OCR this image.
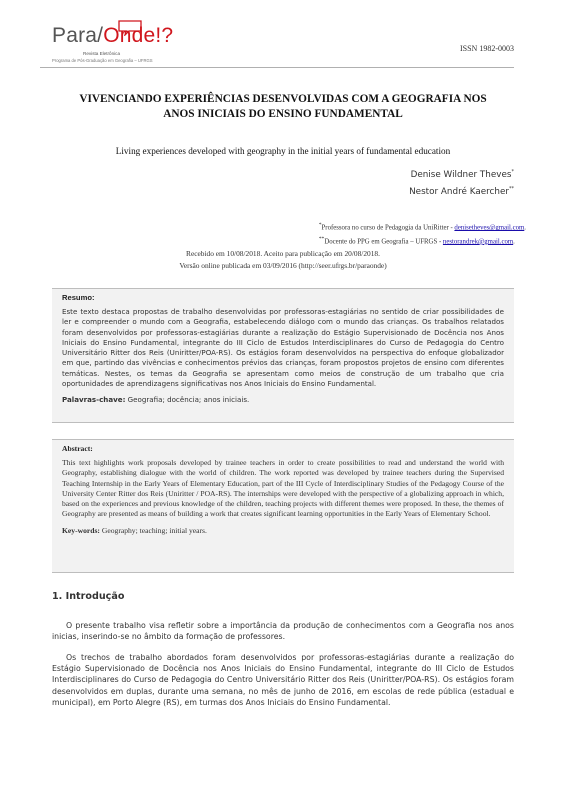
Para/Onde!?
Revista Eletrônica
Programa de Pós-Graduação em Geografia – UFRGS
ISSN 1982-0003
VIVENCIANDO EXPERIÊNCIAS DESENVOLVIDAS COM A GEOGRAFIA NOS
ANOS INICIAIS DO ENSINO FUNDAMENTAL
Living experiences developed with geography in the initial years of fundamental education
Denise Wildner Theves*
Nestor André Kaercher**
*Professora no curso de Pedagogia da UniRitter - denisetheves@gmail.com.
**Docente do PPG em Geografia – UFRGS - nestorandrek@gmail.com.
Recebido em 10/08/2018. Aceito para publicação em 20/08/2018.
Versão online publicada em 03/09/2016 (http://seer.ufrgs.br/paraonde)
Resumo:

Este texto destaca propostas de trabalho desenvolvidas por professoras-estagiárias no sentido de criar possibilidades de ler e compreender o mundo com a Geografia, estabelecendo diálogo com o mundo das crianças. Os trabalhos relatados foram desenvolvidos por professoras-estagiárias durante a realização do Estágio Supervisionado de Docência nos Anos Iniciais do Ensino Fundamental, integrante do III Ciclo de Estudos Interdisciplinares do Curso de Pedagogia do Centro Universitário Ritter dos Reis (Uniritter/POA-RS). Os estágios foram desenvolvidos na perspectiva do enfoque globalizador em que, partindo das vivências e conhecimentos prévios das crianças, foram propostos projetos de ensino com diferentes temáticas. Nestes, os temas da Geografia se apresentam como meios de construção de um trabalho que cria oportunidades de aprendizagens significativas nos Anos Iniciais do Ensino Fundamental.

Palavras-chave: Geografia; docência; anos iniciais.
Abstract:

This text highlights work proposals developed by trainee teachers in order to create possibilities to read and understand the world with Geography, establishing dialogue with the world of children. The work reported was developed by trainee teachers during the Supervised Teaching Internship in the Early Years of Elementary Education, part of the III Cycle of Interdisciplinary Studies of the Pedagogy Course of the University Center Ritter dos Reis (Uniritter / POA-RS). The internships were developed with the perspective of a globalizing approach in which, based on the experiences and previous knowledge of the children, teaching projects with different themes were proposed. In these, the themes of Geography are presented as means of building a work that creates significant learning opportunities in the Early Years of Elementary School.

Key-words: Geography; teaching; initial years.
1. Introdução

O presente trabalho visa refletir sobre a importância da produção de conhecimentos com a Geografia nos anos inicias, inserindo-se no âmbito da formação de professores.

Os trechos de trabalho abordados foram desenvolvidos por professoras-estagiárias durante a realização do Estágio Supervisionado de Docência nos Anos Iniciais do Ensino Fundamental, integrante do III Ciclo de Estudos Interdisciplinares do Curso de Pedagogia do Centro Universitário Ritter dos Reis (Uniritter/POA-RS). Os estágios foram desenvolvidos em duplas, durante uma semana, no mês de junho de 2016, em escolas de rede pública (estadual e municipal), em Porto Alegre (RS), em turmas dos Anos Iniciais do Ensino Fundamental.
